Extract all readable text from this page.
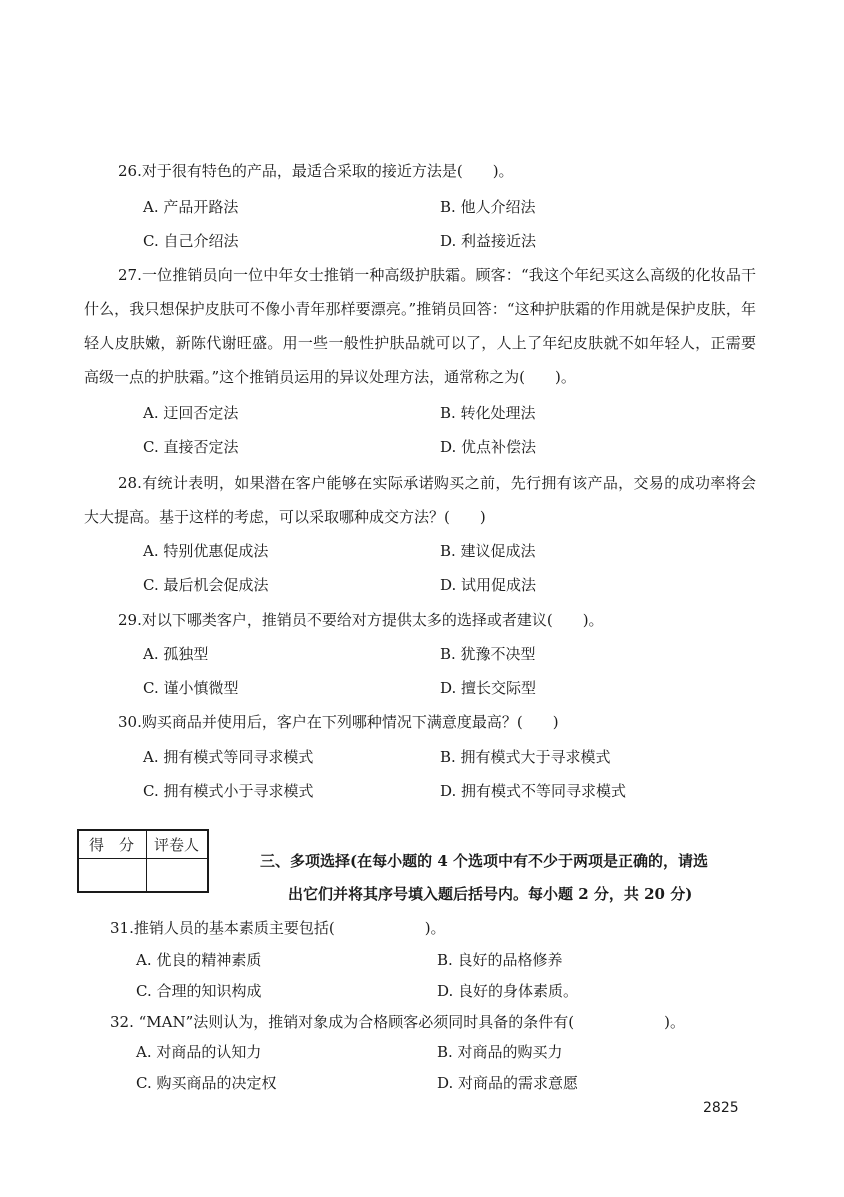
26.对于很有特色的产品，最适合采取的接近方法是(　　)。
A. 产品开路法	B. 他人介绍法
C. 自己介绍法	D. 利益接近法

27.一位推销员向一位中年女士推销一种高级护肤霜。顾客：“我这个年纪买这么高级的化妆品干什么，我只想保护皮肤可不像小青年那样要漂亮。”推销员回答：“这种护肤霜的作用就是保护皮肤，年轻人皮肤嫩，新陈代谢旺盛。用一些一般性护肤品就可以了，人上了年纪皮肤就不如年轻人，正需要高级一点的护肤霜。”这个推销员运用的异议处理方法，通常称之为(　　)。

A. 迂回否定法	B. 转化处理法
C. 直接否定法	D. 优点补偿法

28.有统计表明，如果潜在客户能够在实际承诺购买之前，先行拥有该产品，交易的成功率将会大大提高。基于这样的考虑，可以采取哪种成交方法？(　　)

A. 特别优惠促成法	B. 建议促成法
C. 最后机会促成法	D. 试用促成法
29.对以下哪类客户，推销员不要给对方提供太多的选择或者建议(　　)。
A. 孤独型	B. 犹豫不决型
C. 谨小慎微型	D. 擅长交际型
30.购买商品并使用后，客户在下列哪种情况下满意度最高？(　　)
A. 拥有模式等同寻求模式	B. 拥有模式大于寻求模式
C. 拥有模式小于寻求模式	D. 拥有模式不等同寻求模式
得　分 评卷人
三、多项选择(在每小题的 4 个选项中有不少于两项是正确的，请选
出它们并将其序号填入题后括号内。每小题 2 分，共 20 分)
31.推销人员的基本素质主要包括(　　　　　　)。
A. 优良的精神素质	B. 良好的品格修养
C. 合理的知识构成	D. 良好的身体素质。
32. “MAN”法则认为，推销对象成为合格顾客必须同时具备的条件有(　　　　　　)。
A. 对商品的认知力	B. 对商品的购买力
C. 购买商品的决定权	D. 对商品的需求意愿
2825
